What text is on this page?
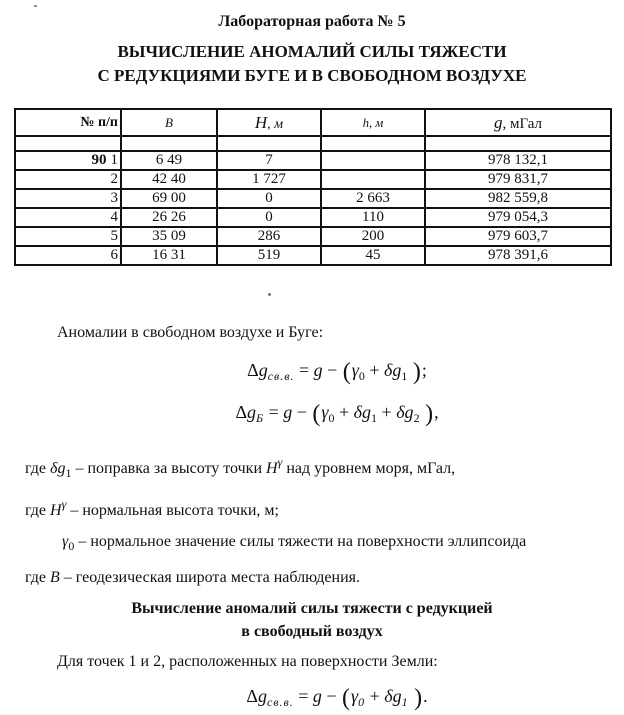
Лабораторная работа № 5
ВЫЧИСЛЕНИЕ АНОМАЛИЙ СИЛЫ ТЯЖЕСТИ
С РЕДУКЦИЯМИ БУГЕ И В СВОБОДНОМ ВОЗДУХЕ
№ п/п	B	H, м	h, м	g, мГал

90 1	6 49	7		978 132,1
2	42 40	1 727		979 831,7
3	69 00	0	2 663	982 559,8
4	26 26	0	110	979 054,3
5	35 09	286	200	979 603,7
6	16 31	519	45	978 391,6
Аномалии в свободном воздухе и Буге:
$\Delta g_{св.в.} = g - (\gamma_0 + \delta g_1$ );
$\Delta g_Б = g - (\gamma_0 + \delta g_1 + \delta g_2$ ),
где $\delta g_1$ – поправка за высоту точки $H^\gamma$ над уровнем моря, мГал,
где $H^\gamma$ – нормальная высота точки, м;
$\gamma_0$ – нормальное значение силы тяжести на поверхности эллипсоида
где B – геодезическая широта места наблюдения.
Вычисление аномалий силы тяжести с редукцией
в свободный воздух
Для точек 1 и 2, расположенных на поверхности Земли:
$\Delta g_{св.в.} = g - (\gamma_0 + \delta g_1$ ).
